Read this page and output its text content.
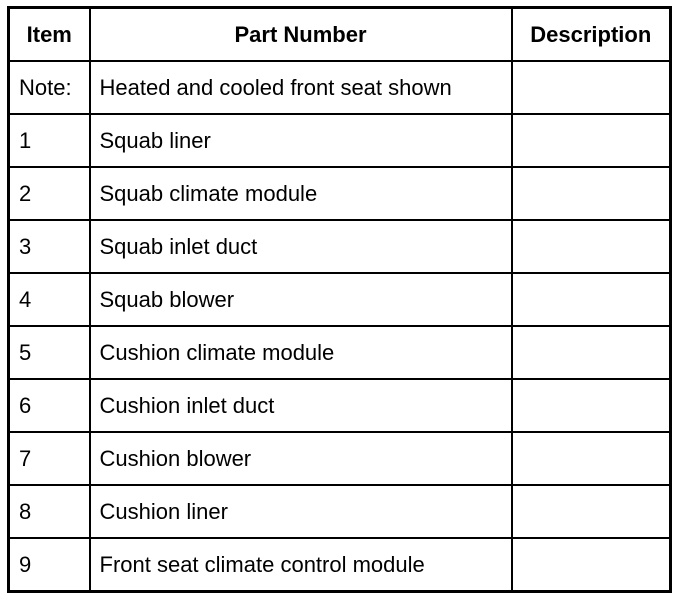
Item	Part Number	Description
Note:	Heated and cooled front seat shown	
1	Squab liner	
2	Squab climate module	
3	Squab inlet duct	
4	Squab blower	
5	Cushion climate module	
6	Cushion inlet duct	
7	Cushion blower	
8	Cushion liner	
9	Front seat climate control module	
